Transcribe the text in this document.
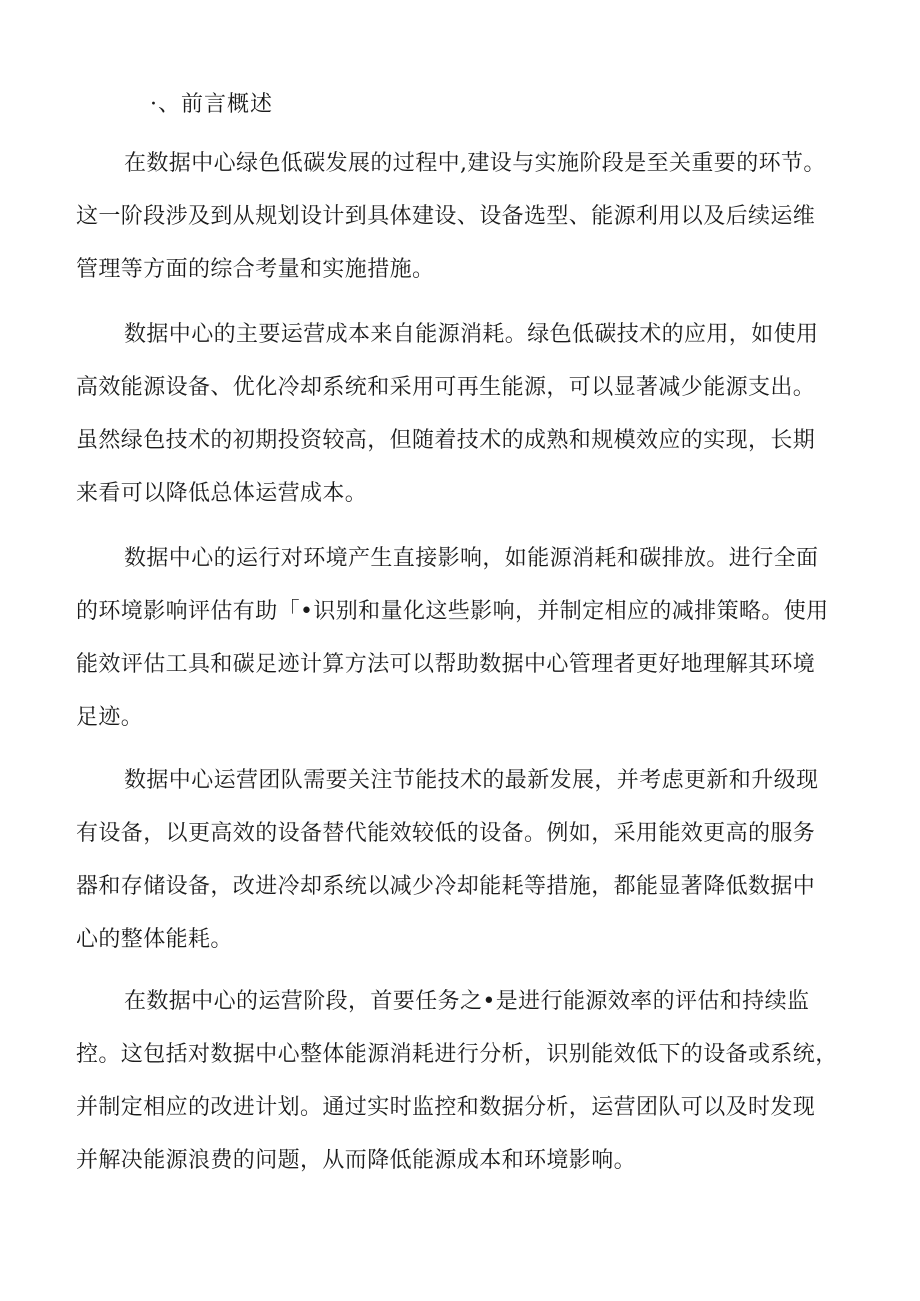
·、前言概述
在数据中心绿色低碳发展的过程中,建设与实施阶段是至关重要的环节。
这一阶段涉及到从规划设计到具体建设、设备选型、能源利用以及后续运维
管理等方面的综合考量和实施措施。
数据中心的主要运营成本来自能源消耗。绿色低碳技术的应用，如使用
高效能源设备、优化冷却系统和采用可再生能源，可以显著减少能源支出。
虽然绿色技术的初期投资较高，但随着技术的成熟和规模效应的实现，长期
来看可以降低总体运营成本。
数据中心的运行对环境产生直接影响，如能源消耗和碳排放。进行全面
的环境影响评估有助「•识别和量化这些影响，并制定相应的减排策略。使用
能效评估工具和碳足迹计算方法可以帮助数据中心管理者更好地理解其环境
足迹。
数据中心运营团队需要关注节能技术的最新发展，并考虑更新和升级现
有设备，以更高效的设备替代能效较低的设备。例如，采用能效更高的服务
器和存储设备，改进冷却系统以减少冷却能耗等措施，都能显著降低数据中
心的整体能耗。
在数据中心的运营阶段，首要任务之•是进行能源效率的评估和持续监
控。这包括对数据中心整体能源消耗进行分析，识别能效低下的设备或系统，
并制定相应的改进计划。通过实时监控和数据分析，运营团队可以及时发现
并解决能源浪费的问题，从而降低能源成本和环境影响。
